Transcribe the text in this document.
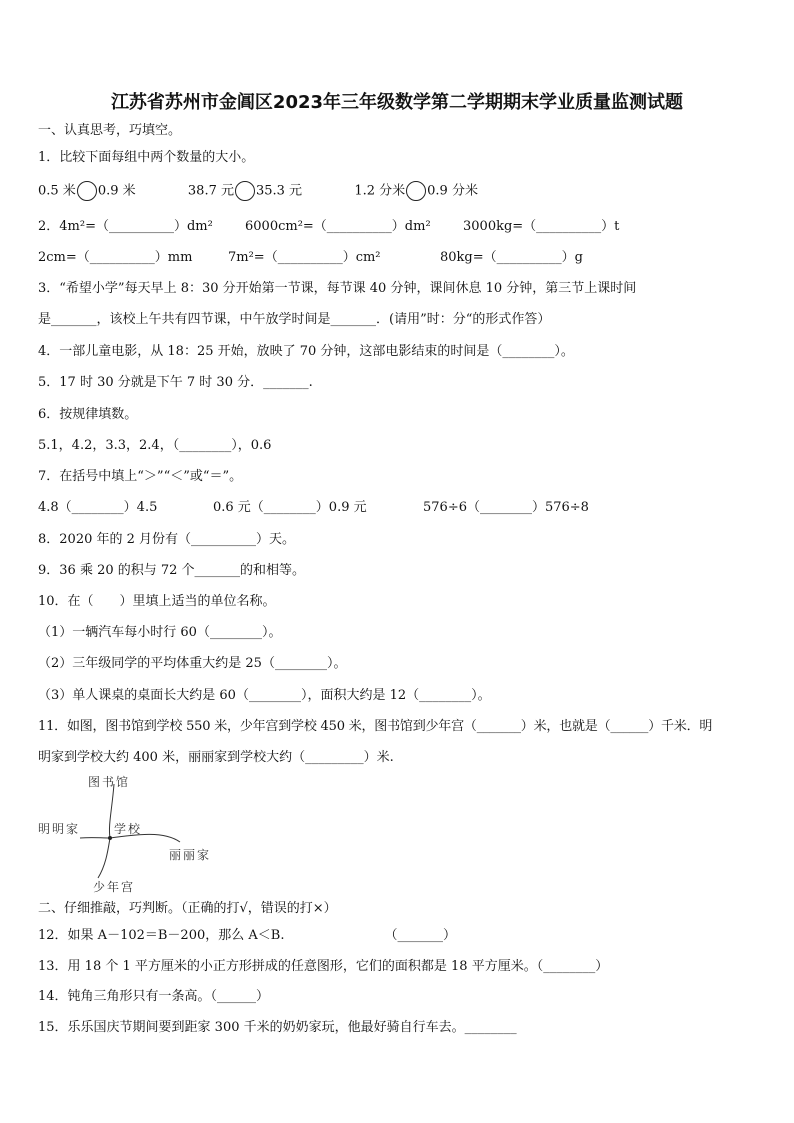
江苏省苏州市金阊区2023年三年级数学第二学期期末学业质量监测试题
一、认真思考，巧填空。
1．比较下面每组中两个数量的大小。
0.5 米 0.9 米	38.7 元 35.3 元	1.2 分米 0.9 分米
2．4m²=（__________）dm² 6000cm²=（__________）dm² 3000kg=（__________）t
2cm=（__________）mm	7m²=（__________）cm²	80kg=（__________）g
3．“希望小学”每天早上 8：30 分开始第一节课，每节课 40 分钟，课间休息 10 分钟，第三节上课时间
是_______，该校上午共有四节课，中午放学时间是_______．(请用”时：分“的形式作答）
4．一部儿童电影，从 18：25 开始，放映了 70 分钟，这部电影结束的时间是（________）。
5．17 时 30 分就是下午 7 时 30 分．_______.
6．按规律填数。
5.1，4.2，3.3，2.4，（________），0.6
7．在括号中填上“＞”“＜”或“＝”。
4.8（________）4.5	0.6 元（________）0.9 元	576÷6（________）576÷8
8．2020 年的 2 月份有（__________）天。
9．36 乘 20 的积与 72 个_______的和相等。
10．在（　　）里填上适当的单位名称。
（1）一辆汽车每小时行 60（________）。
（2）三年级同学的平均体重大约是 25（________）。
（3）单人课桌的桌面长大约是 60（________），面积大约是 12（________）。
11．如图，图书馆到学校 550 米，少年宫到学校 450 米，图书馆到少年宫（_______）米，也就是（______）千米．明
明家到学校大约 400 米，丽丽家到学校大约（_________）米.
图书馆
明明家	学校
丽丽家
少年宫
二、仔细推敲，巧判断。（正确的打√，错误的打×）
12．如果 A－102＝B－200，那么 A＜B.	（_______）
13．用 18 个 1 平方厘米的小正方形拼成的任意图形，它们的面积都是 18 平方厘米。（________）
14．钝角三角形只有一条高。（______）
15．乐乐国庆节期间要到距家 300 千米的奶奶家玩，他最好骑自行车去。________
